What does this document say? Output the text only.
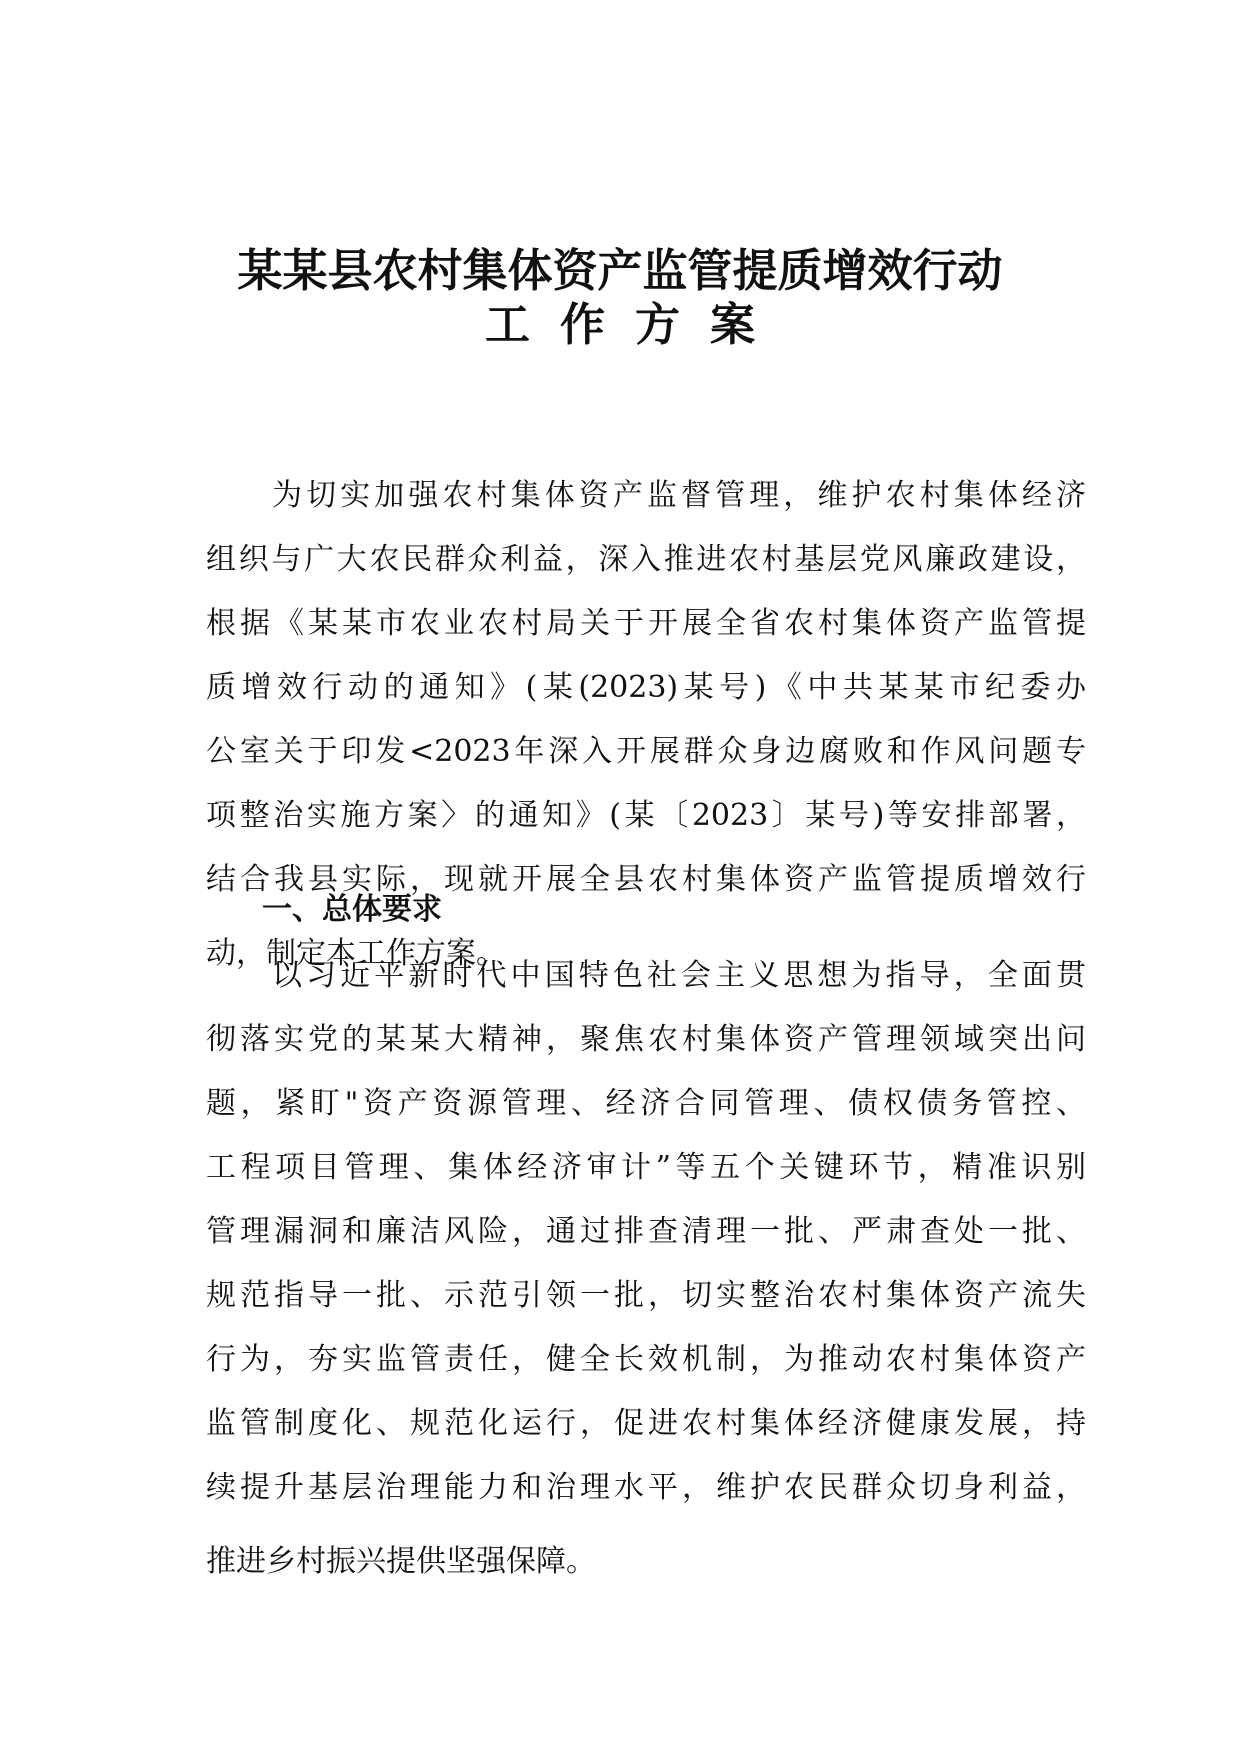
某某县农村集体资产监管提质增效行动
工作方案
为切实加强农村集体资产监督管理，维护农村集体经济
组织与广大农民群众利益，深入推进农村基层党风廉政建设，
根据《某某市农业农村局关于开展全省农村集体资产监管提
质增效行动的通知》(某(2023)某号)《中共某某市纪委办
公室关于印发<2023年深入开展群众身边腐败和作风问题专
项整治实施方案〉的通知》(某〔2023〕某号)等安排部署，
结合我县实际，现就开展全县农村集体资产监管提质增效行
动，制定本工作方案。
一、总体要求
以习近平新时代中国特色社会主义思想为指导，全面贯
彻落实党的某某大精神，聚焦农村集体资产管理领域突出问
题，紧盯"资产资源管理、经济合同管理、债权债务管控、
工程项目管理、集体经济审计”等五个关键环节，精准识别
管理漏洞和廉洁风险，通过排查清理一批、严肃查处一批、
规范指导一批、示范引领一批，切实整治农村集体资产流失
行为，夯实监管责任，健全长效机制，为推动农村集体资产
监管制度化、规范化运行，促进农村集体经济健康发展，持
续提升基层治理能力和治理水平，维护农民群众切身利益，
推进乡村振兴提供坚强保障。
